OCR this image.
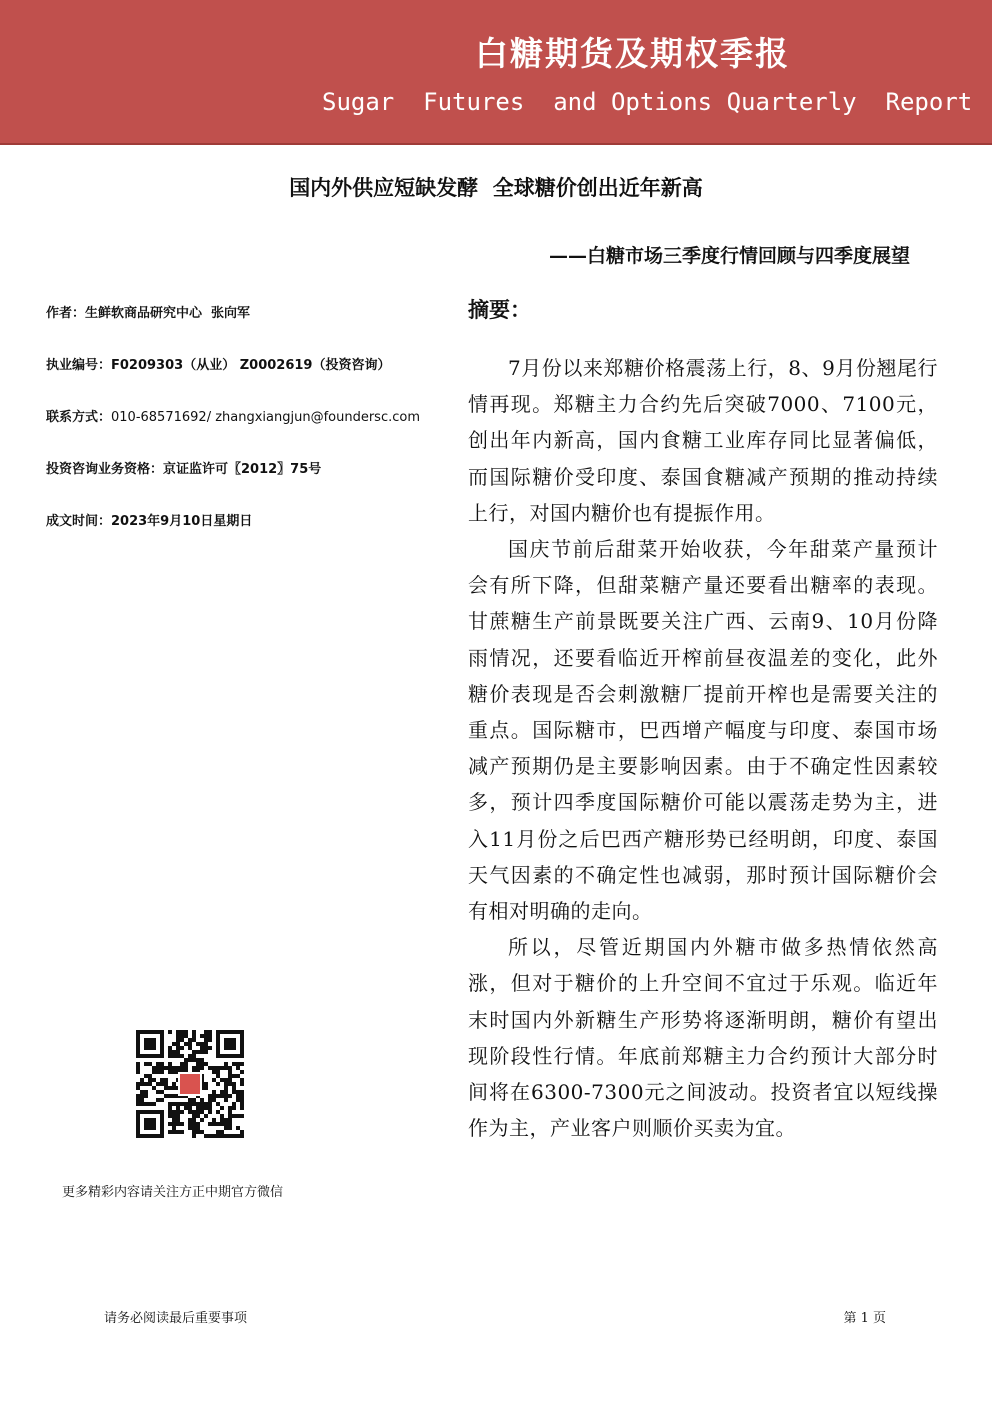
白糖期货及期权季报
Sugar  Futures  and Options Quarterly  Report
国内外供应短缺发酵  全球糖价创出近年新高
——白糖市场三季度行情回顾与四季度展望
作者：生鲜软商品研究中心  张向军
执业编号：F0209303（从业） Z0002619（投资咨询）
联系方式：010-68571692/ zhangxiangjun@foundersc.com
投资咨询业务资格：京证监许可〖2012〗75号
成文时间：2023年9月10日星期日
摘要：

7月份以来郑糖价格震荡上行，8、9月份翘尾行情再现。郑糖主力合约先后突破7000、7100元，创出年内新高，国内食糖工业库存同比显著偏低，而国际糖价受印度、泰国食糖减产预期的推动持续上行，对国内糖价也有提振作用。

国庆节前后甜菜开始收获，今年甜菜产量预计会有所下降，但甜菜糖产量还要看出糖率的表现。甘蔗糖生产前景既要关注广西、云南9、10月份降雨情况，还要看临近开榨前昼夜温差的变化，此外糖价表现是否会刺激糖厂提前开榨也是需要关注的重点。国际糖市，巴西增产幅度与印度、泰国市场减产预期仍是主要影响因素。由于不确定性因素较多，预计四季度国际糖价可能以震荡走势为主，进入11月份之后巴西产糖形势已经明朗，印度、泰国天气因素的不确定性也减弱，那时预计国际糖价会有相对明确的走向。

所以，尽管近期国内外糖市做多热情依然高涨，但对于糖价的上升空间不宜过于乐观。临近年末时国内外新糖生产形势将逐渐明朗，糖价有望出现阶段性行情。年底前郑糖主力合约预计大部分时间将在6300-7300元之间波动。投资者宜以短线操作为主，产业客户则顺价买卖为宜。

更多精彩内容请关注方正中期官方微信
请务必阅读最后重要事项	第 1 页
